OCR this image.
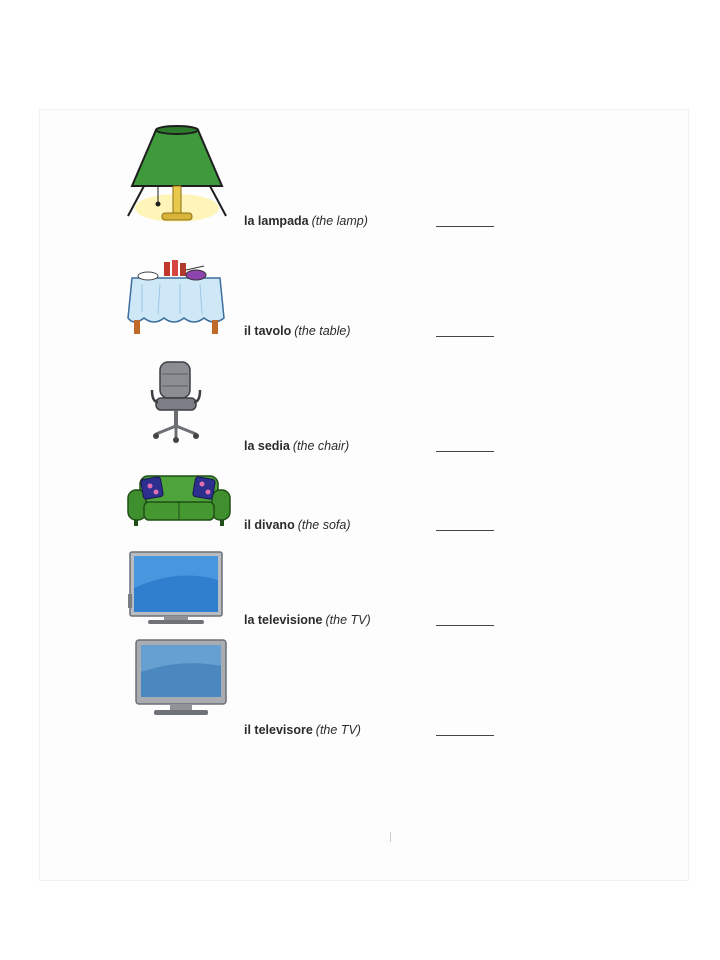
la lampada (the lamp)
il tavolo (the table)
la sedia (the chair)
il divano (the sofa)
la televisione (the TV)
il televisore (the TV)
